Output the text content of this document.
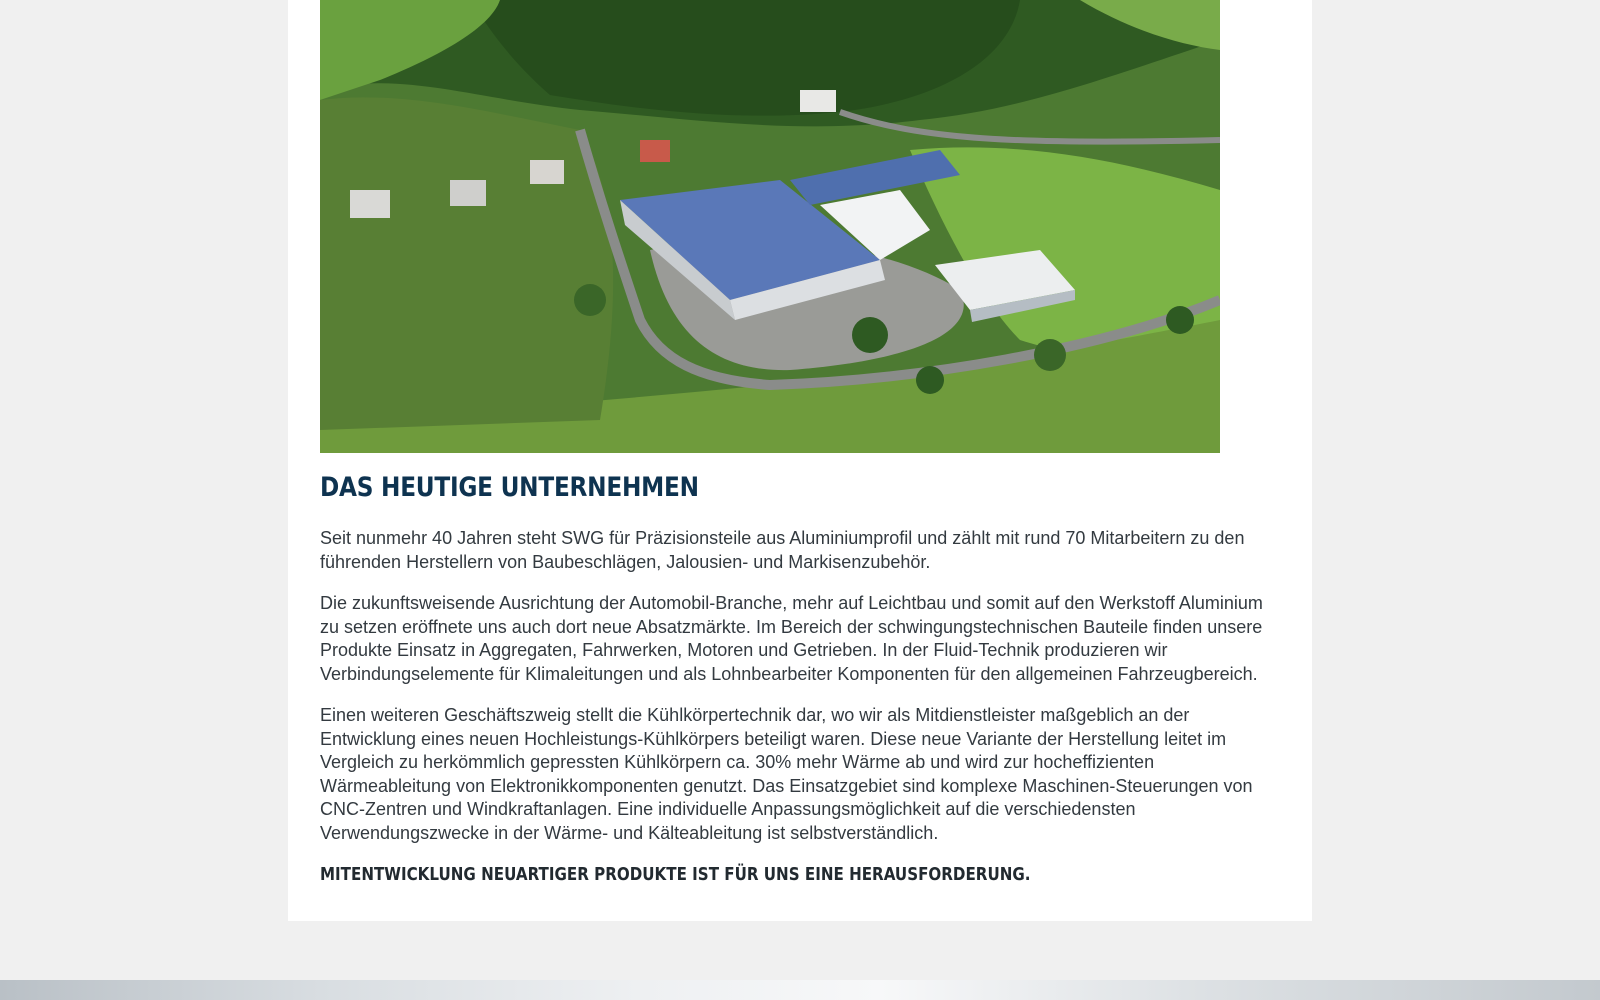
DAS HEUTIGE UNTERNEHMEN

Seit nunmehr 40 Jahren steht SWG für Präzisionsteile aus Aluminiumprofil und zählt mit rund 70 Mitarbeitern zu den führenden Herstellern von Baubeschlägen, Jalousien- und Markisenzubehör.

Die zukunftsweisende Ausrichtung der Automobil-Branche, mehr auf Leichtbau und somit auf den Werkstoff Aluminium zu setzen eröffnete uns auch dort neue Absatzmärkte. Im Bereich der schwingungstechnischen Bauteile finden unsere Produkte Einsatz in Aggregaten, Fahrwerken, Motoren und Getrieben. In der Fluid-Technik produzieren wir Verbindungselemente für Klimaleitungen und als Lohnbearbeiter Komponenten für den allgemeinen Fahrzeugbereich.

Einen weiteren Geschäftszweig stellt die Kühlkörpertechnik dar, wo wir als Mitdienstleister maßgeblich an der Entwicklung eines neuen Hochleistungs-Kühlkörpers beteiligt waren. Diese neue Variante der Herstellung leitet im Vergleich zu herkömmlich gepressten Kühlkörpern ca. 30% mehr Wärme ab und wird zur hocheffizienten Wärmeableitung von Elektronikkomponenten genutzt. Das Einsatzgebiet sind komplexe Maschinen-Steuerungen von CNC-Zentren und Windkraftanlagen. Eine individuelle Anpassungsmöglichkeit auf die verschiedensten Verwendungszwecke in der Wärme- und Kälteableitung ist selbstverständlich.

MITENTWICKLUNG NEUARTIGER PRODUKTE IST FÜR UNS EINE HERAUSFORDERUNG.
